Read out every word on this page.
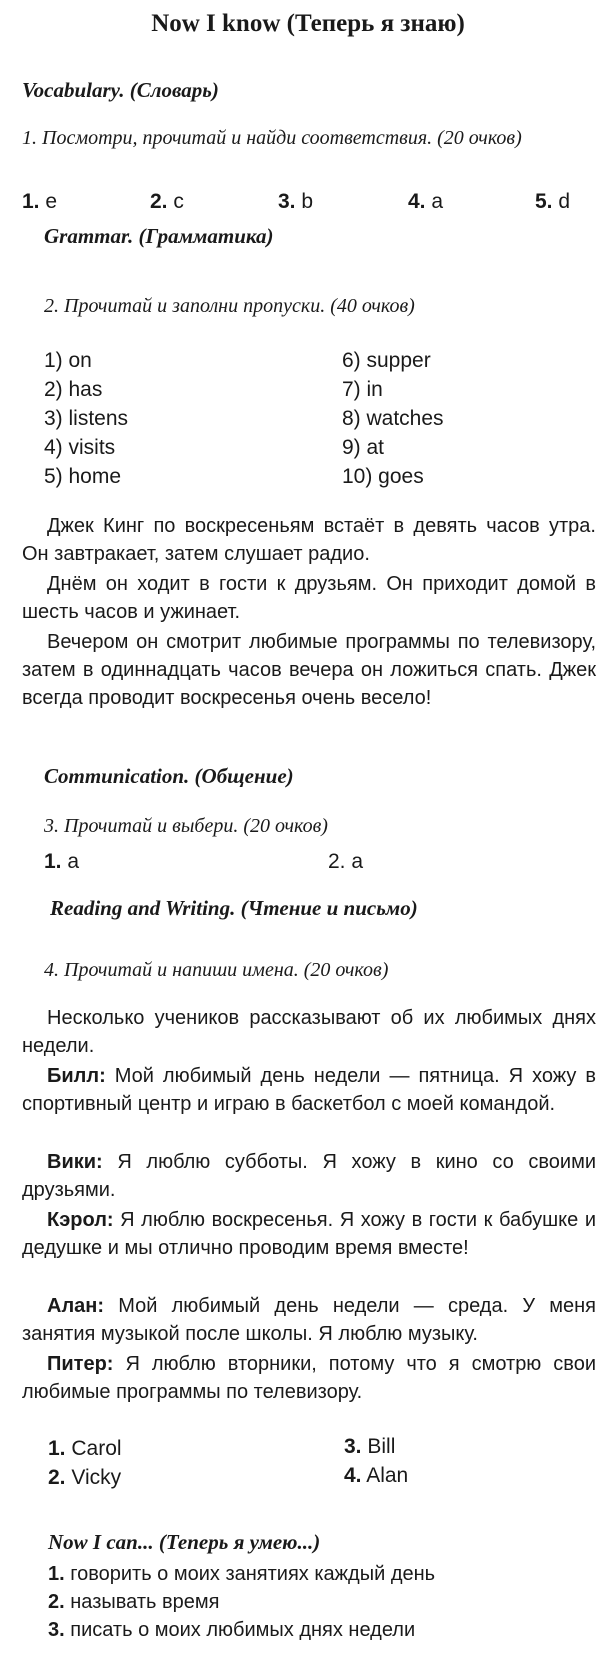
Now I know (Теперь я знаю)
Vocabulary. (Словарь)
1. Посмотри, прочитай и найди соответствия. (20 очков)
1. e	2. c	3. b	4. a	5. d
Grammar. (Грамматика)
2. Прочитай и заполни пропуски. (40 очков)
1) on
2) has
3) listens
4) visits
5) home
6) supper
7) in
8) watches
9) at
10) goes
Джек Кинг по воскресеньям встаёт в девять часов утра. Он завтракает, затем слушает радио.
Днём он ходит в гости к друзьям. Он приходит домой в шесть часов и ужинает.
Вечером он смотрит любимые программы по телевизору, затем в одиннадцать часов вечера он ложиться спать. Джек всегда проводит воскресенья очень весело!
Communication. (Общение)
3. Прочитай и выбери. (20 очков)
1. a	2. a
Reading and Writing. (Чтение и письмо)
4. Прочитай и напиши имена. (20 очков)
Несколько учеников рассказывают об их любимых днях недели.
Билл: Мой любимый день недели — пятница. Я хожу в спортивный центр и играю в баскетбол с моей командой.
Вики: Я люблю субботы. Я хожу в кино со своими друзьями.
Кэрол: Я люблю воскресенья. Я хожу в гости к бабушке и дедушке и мы отлично проводим время вместе!
Алан: Мой любимый день недели — среда. У меня занятия музыкой после школы. Я люблю музыку.
Питер: Я люблю вторники, потому что я смотрю свои любимые программы по телевизору.
1. Carol
2. Vicky
3. Bill
4. Alan
Now I can... (Теперь я умею...)
1. говорить о моих занятиях каждый день
2. называть время
3. писать о моих любимых днях недели
